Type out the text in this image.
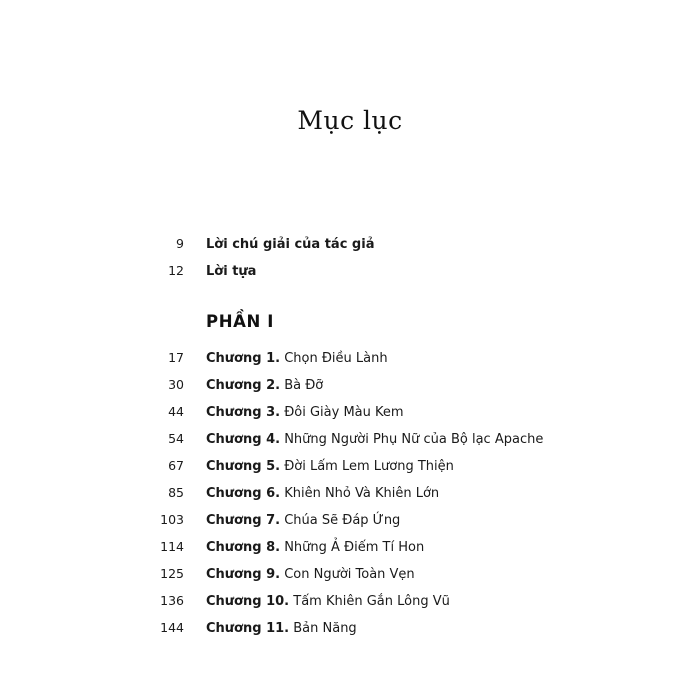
Mục lục
9	Lời chú giải của tác giả
12	Lời tựa
PHẦN I
17	Chương 1. Chọn Điều Lành
30	Chương 2. Bà Đỡ
44	Chương 3. Đôi Giày Màu Kem
54	Chương 4. Những Người Phụ Nữ của Bộ lạc Apache
67	Chương 5. Đời Lấm Lem Lương Thiện
85	Chương 6. Khiên Nhỏ Và Khiên Lớn
103	Chương 7. Chúa Sẽ Đáp Ứng
114	Chương 8. Những Ả Điếm Tí Hon
125	Chương 9. Con Người Toàn Vẹn
136	Chương 10. Tấm Khiên Gắn Lông Vũ
144	Chương 11. Bản Năng
